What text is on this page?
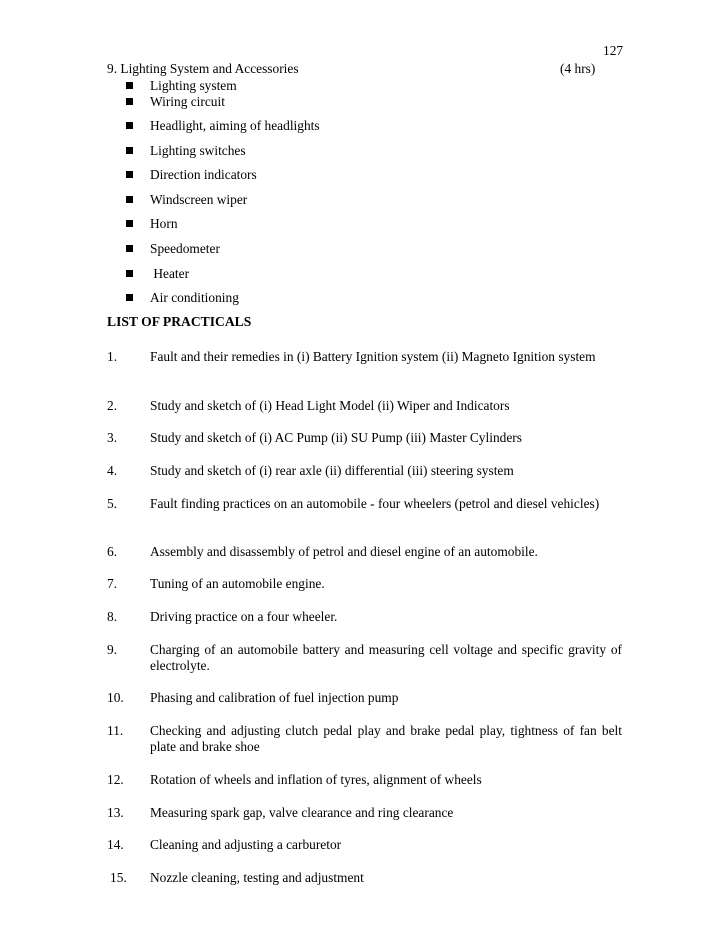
127
9. Lighting System and Accessories	(4 hrs)
Lighting system
Wiring circuit
Headlight, aiming of headlights
Lighting switches
Direction indicators
Windscreen wiper
Horn
Speedometer
Heater
Air conditioning
LIST OF PRACTICALS
1. Fault and their remedies in (i) Battery Ignition system (ii) Magneto Ignition system
2. Study and sketch of (i) Head Light Model (ii) Wiper and Indicators
3. Study and sketch of (i) AC Pump (ii) SU Pump (iii) Master Cylinders
4. Study and sketch of (i) rear axle (ii) differential (iii) steering system
5. Fault finding practices on an automobile - four wheelers (petrol and diesel vehicles)
6. Assembly and disassembly of petrol and diesel engine of an automobile.
7. Tuning of an automobile engine.
8. Driving practice on a four wheeler.
9. Charging of an automobile battery and measuring cell voltage and specific gravity of electrolyte.
10. Phasing and calibration of fuel injection pump
11. Checking and adjusting clutch pedal play and brake pedal play, tightness of fan belt plate and brake shoe
12. Rotation of wheels and inflation of tyres, alignment of wheels
13. Measuring spark gap, valve clearance and ring clearance
14. Cleaning and adjusting a carburetor
15. Nozzle cleaning, testing and adjustment
